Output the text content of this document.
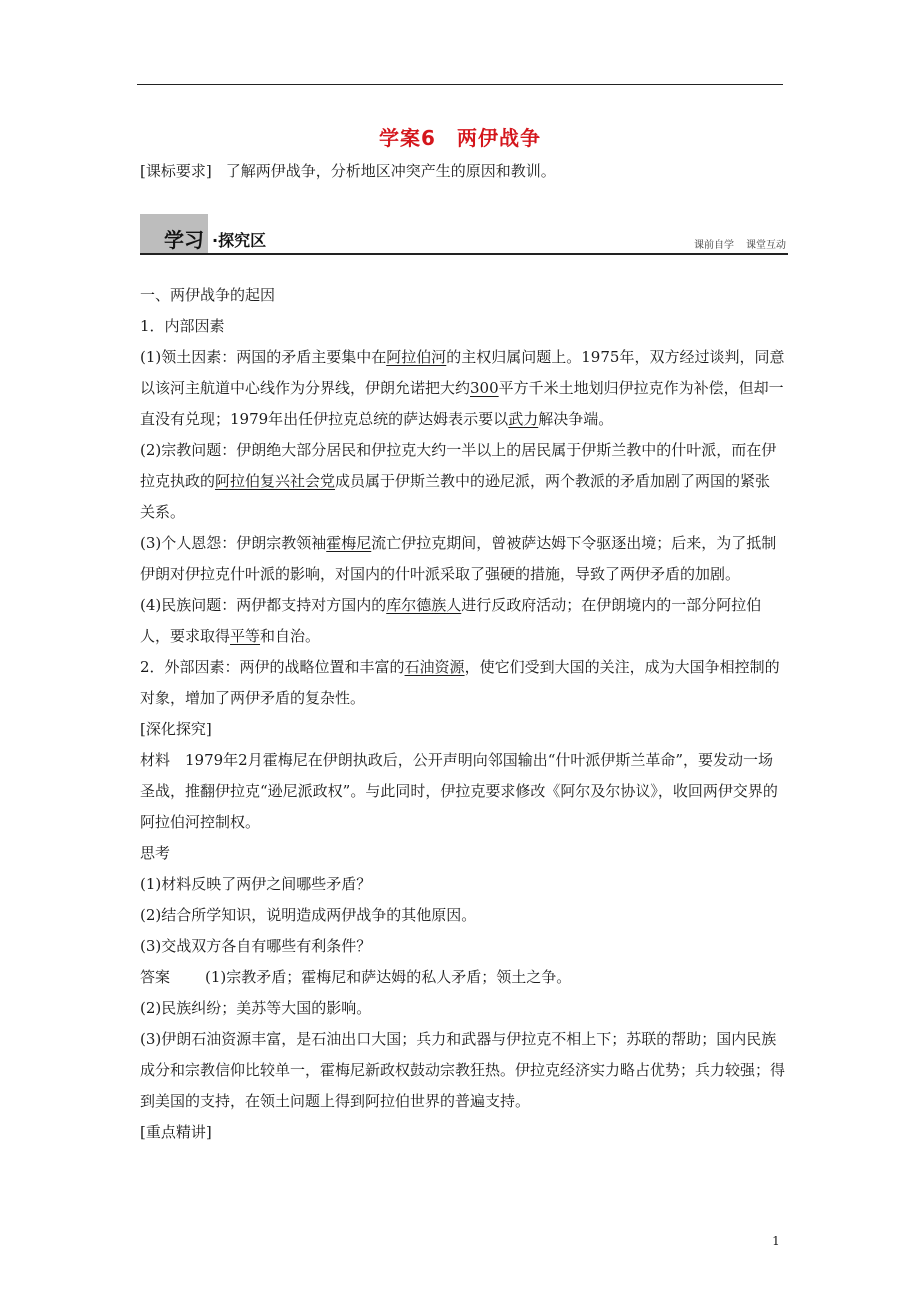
学案6　两伊战争
[课标要求] 了解两伊战争，分析地区冲突产生的原因和教训。
学习 ·探究区	课前自学 课堂互动

一、两伊战争的起因

1．内部因素

(1)领土因素：两国的矛盾主要集中在阿拉伯河的主权归属问题上。1975年，双方经过谈判，同意以该河主航道中心线作为分界线，伊朗允诺把大约300平方千米土地划归伊拉克作为补偿，但却一直没有兑现；1979年出任伊拉克总统的萨达姆表示要以武力解决争端。

(2)宗教问题：伊朗绝大部分居民和伊拉克大约一半以上的居民属于伊斯兰教中的什叶派，而在伊拉克执政的阿拉伯复兴社会党成员属于伊斯兰教中的逊尼派，两个教派的矛盾加剧了两国的紧张关系。

(3)个人恩怨：伊朗宗教领袖霍梅尼流亡伊拉克期间，曾被萨达姆下令驱逐出境；后来，为了抵制伊朗对伊拉克什叶派的影响，对国内的什叶派采取了强硬的措施，导致了两伊矛盾的加剧。

(4)民族问题：两伊都支持对方国内的库尔德族人进行反政府活动；在伊朗境内的一部分阿拉伯人，要求取得平等和自治。

2．外部因素：两伊的战略位置和丰富的石油资源，使它们受到大国的关注，成为大国争相控制的对象，增加了两伊矛盾的复杂性。

[深化探究]

材料　1979年2月霍梅尼在伊朗执政后，公开声明向邻国输出“什叶派伊斯兰革命”，要发动一场圣战，推翻伊拉克“逊尼派政权”。与此同时，伊拉克要求修改《阿尔及尔协议》，收回两伊交界的阿拉伯河控制权。

思考

(1)材料反映了两伊之间哪些矛盾？

(2)结合所学知识，说明造成两伊战争的其他原因。

(3)交战双方各自有哪些有利条件？

答案 (1)宗教矛盾；霍梅尼和萨达姆的私人矛盾；领土之争。

(2)民族纠纷；美苏等大国的影响。

(3)伊朗石油资源丰富，是石油出口大国；兵力和武器与伊拉克不相上下；苏联的帮助；国内民族成分和宗教信仰比较单一，霍梅尼新政权鼓动宗教狂热。伊拉克经济实力略占优势；兵力较强；得到美国的支持，在领土问题上得到阿拉伯世界的普遍支持。

[重点精讲]

1
